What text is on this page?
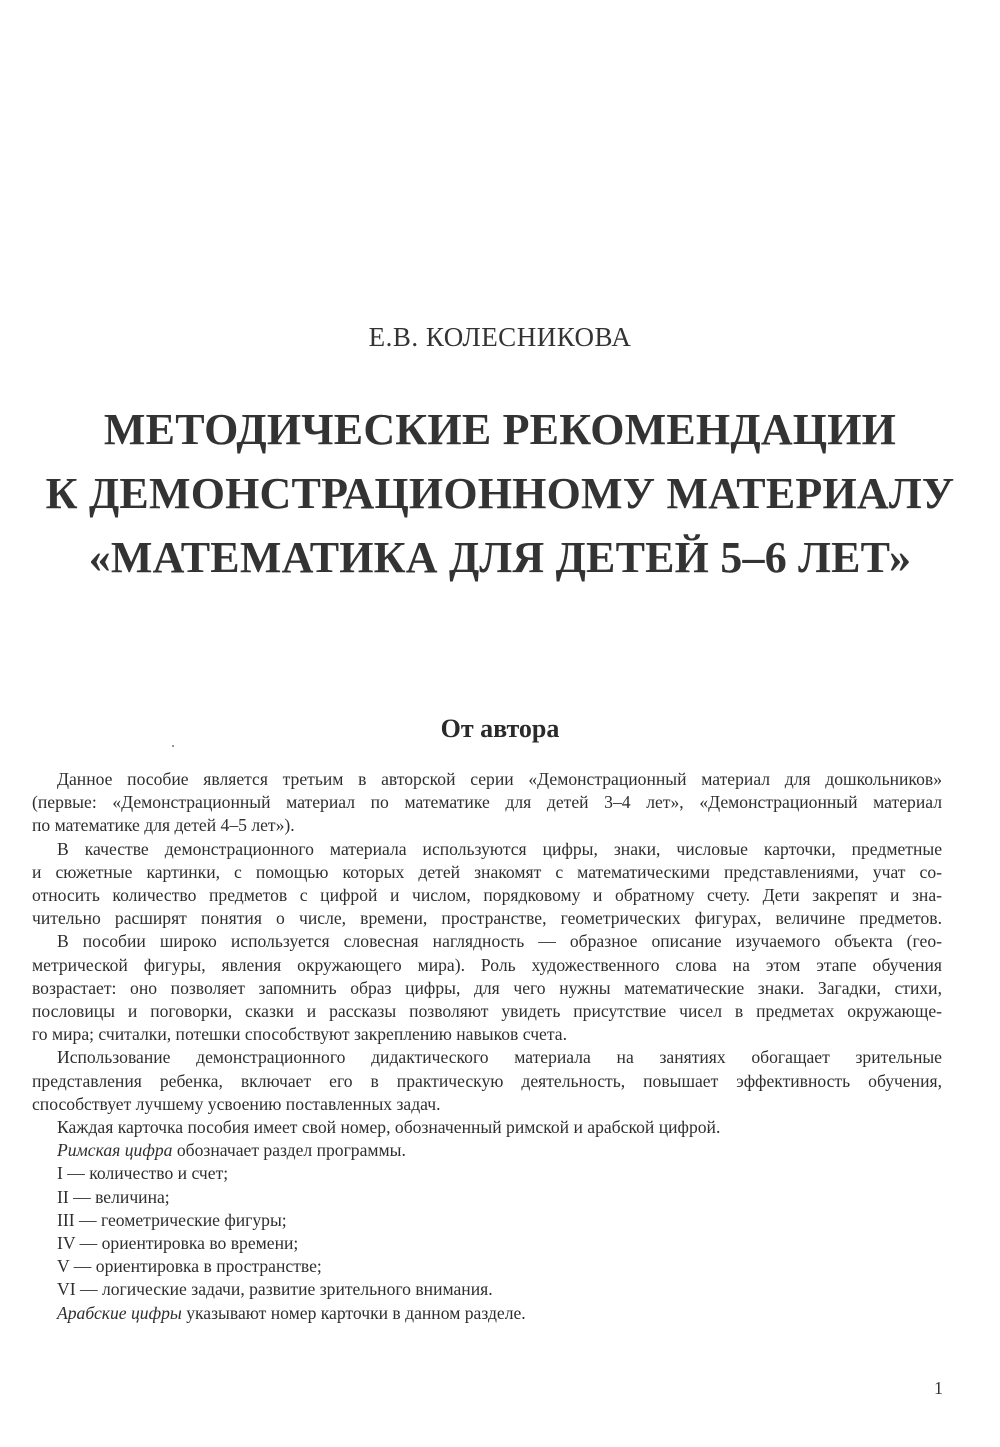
Е.В. КОЛЕСНИКОВА
МЕТОДИЧЕСКИЕ РЕКОМЕНДАЦИИ
К ДЕМОНСТРАЦИОННОМУ МАТЕРИАЛУ
«МАТЕМАТИКА ДЛЯ ДЕТЕЙ 5–6 ЛЕТ»
От автора

Данное пособие является третьим в авторской серии «Демонстрационный материал для дошкольников»

(первые: «Демонстрационный материал по математике для детей 3–4 лет», «Демонстрационный материал

по математике для детей 4–5 лет»).

В качестве демонстрационного материала используются цифры, знаки, числовые карточки, предметные

и сюжетные картинки, с помощью которых детей знакомят с математическими представлениями, учат со-

относить количество предметов с цифрой и числом, порядковому и обратному счету. Дети закрепят и зна-

чительно расширят понятия о числе, времени, пространстве, геометрических фигурах, величине предметов.

В пособии широко используется словесная наглядность — образное описание изучаемого объекта (гео-

метрической фигуры, явления окружающего мира). Роль художественного слова на этом этапе обучения

возрастает: оно позволяет запомнить образ цифры, для чего нужны математические знаки. Загадки, стихи,

пословицы и поговорки, сказки и рассказы позволяют увидеть присутствие чисел в предметах окружающе-

го мира; считалки, потешки способствуют закреплению навыков счета.

Использование демонстрационного дидактического материала на занятиях обогащает зрительные

представления ребенка, включает его в практическую деятельность, повышает эффективность обучения,

способствует лучшему усвоению поставленных задач.

Каждая карточка пособия имеет свой номер, обозначенный римской и арабской цифрой.

Римская цифра обозначает раздел программы.

I — количество и счет;

II — величина;

III — геометрические фигуры;

IV — ориентировка во времени;

V — ориентировка в пространстве;

VI — логические задачи, развитие зрительного внимания.

Арабские цифры указывают номер карточки в данном разделе.

1
